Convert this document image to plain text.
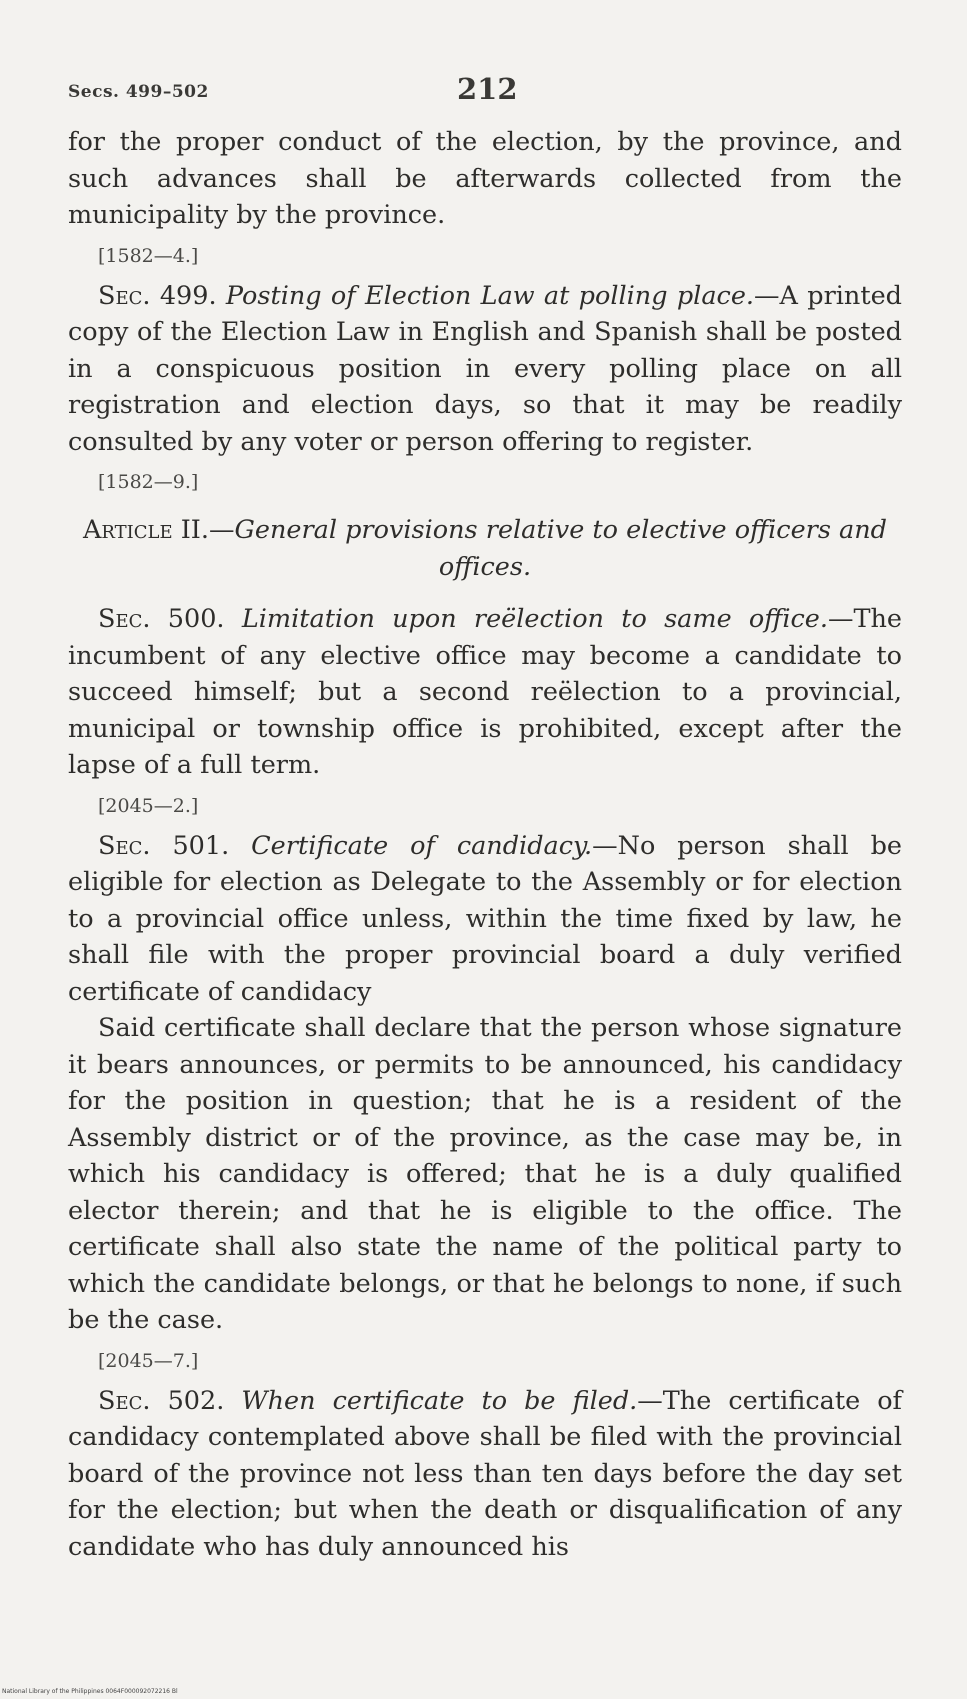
Secs. 499–502	212

for the proper conduct of the election, by the province, and such advances shall be afterwards collected from the municipality by the province.

[1582—4.]

Sec. 499. Posting of Election Law at polling place.—A printed copy of the Election Law in English and Spanish shall be posted in a conspicuous position in every polling place on all registration and election days, so that it may be readily consulted by any voter or person offering to register.

[1582—9.]

Article II.—General provisions relative to elective officers and offices.

Sec. 500. Limitation upon reëlection to same office.—The incumbent of any elective office may become a candidate to succeed himself; but a second reëlection to a provincial, municipal or township office is prohibited, except after the lapse of a full term.

[2045—2.]

Sec. 501. Certificate of candidacy.—No person shall be eligible for election as Delegate to the Assembly or for election to a provincial office unless, within the time fixed by law, he shall file with the proper provincial board a duly verified certificate of candidacy

Said certificate shall declare that the person whose signature it bears announces, or permits to be announced, his candidacy for the position in question; that he is a resident of the Assembly district or of the province, as the case may be, in which his candidacy is offered; that he is a duly qualified elector therein; and that he is eligible to the office. The certificate shall also state the name of the political party to which the candidate belongs, or that he belongs to none, if such be the case.

[2045—7.]

Sec. 502. When certificate to be filed.—The certificate of candidacy contemplated above shall be filed with the provincial board of the province not less than ten days before the day set for the election; but when the death or disqualification of any candidate who has duly announced his

National Library of the Philippines 0064F000092072216 Bl
